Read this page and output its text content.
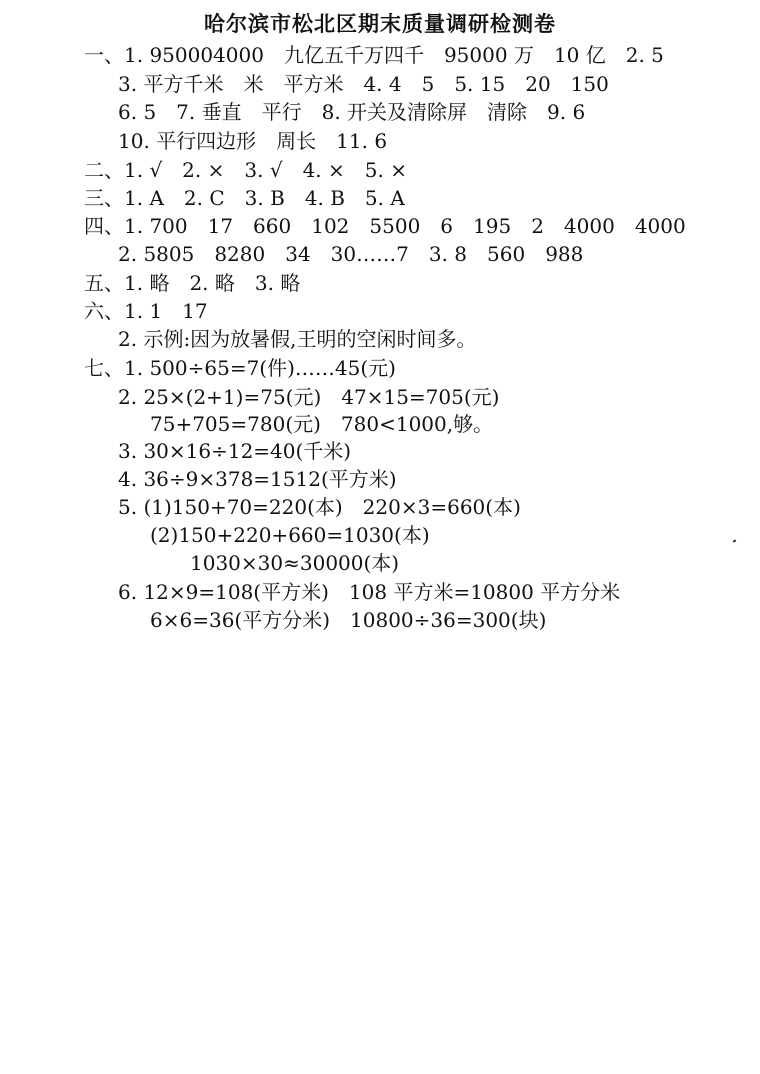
哈尔滨市松北区期末质量调研检测卷
一、1. 950004000　九亿五千万四千　95000 万　10 亿　2. 5
3. 平方千米　米　平方米　4. 4　5　5. 15　20　150
6. 5　7. 垂直　平行　8. 开关及清除屏　清除　9. 6
10. 平行四边形　周长　11. 6
二、1. √　2. ×　3. √　4. ×　5. ×
三、1. A　2. C　3. B　4. B　5. A
四、1. 700　17　660　102　5500　6　195　2　4000　4000
2. 5805　8280　34　30……7　3. 8　560　988
五、1. 略　2. 略　3. 略
六、1. 1　17
2. 示例:因为放暑假,王明的空闲时间多。
七、1. 500÷65=7(件)……45(元)
2. 25×(2+1)=75(元)　47×15=705(元)
75+705=780(元)　780<1000,够。
3. 30×16÷12=40(千米)
4. 36÷9×378=1512(平方米)
5. (1)150+70=220(本)　220×3=660(本)
(2)150+220+660=1030(本)
1030×30≈30000(本)
6. 12×9=108(平方米)　108 平方米=10800 平方分米
6×6=36(平方分米)　10800÷36=300(块)
